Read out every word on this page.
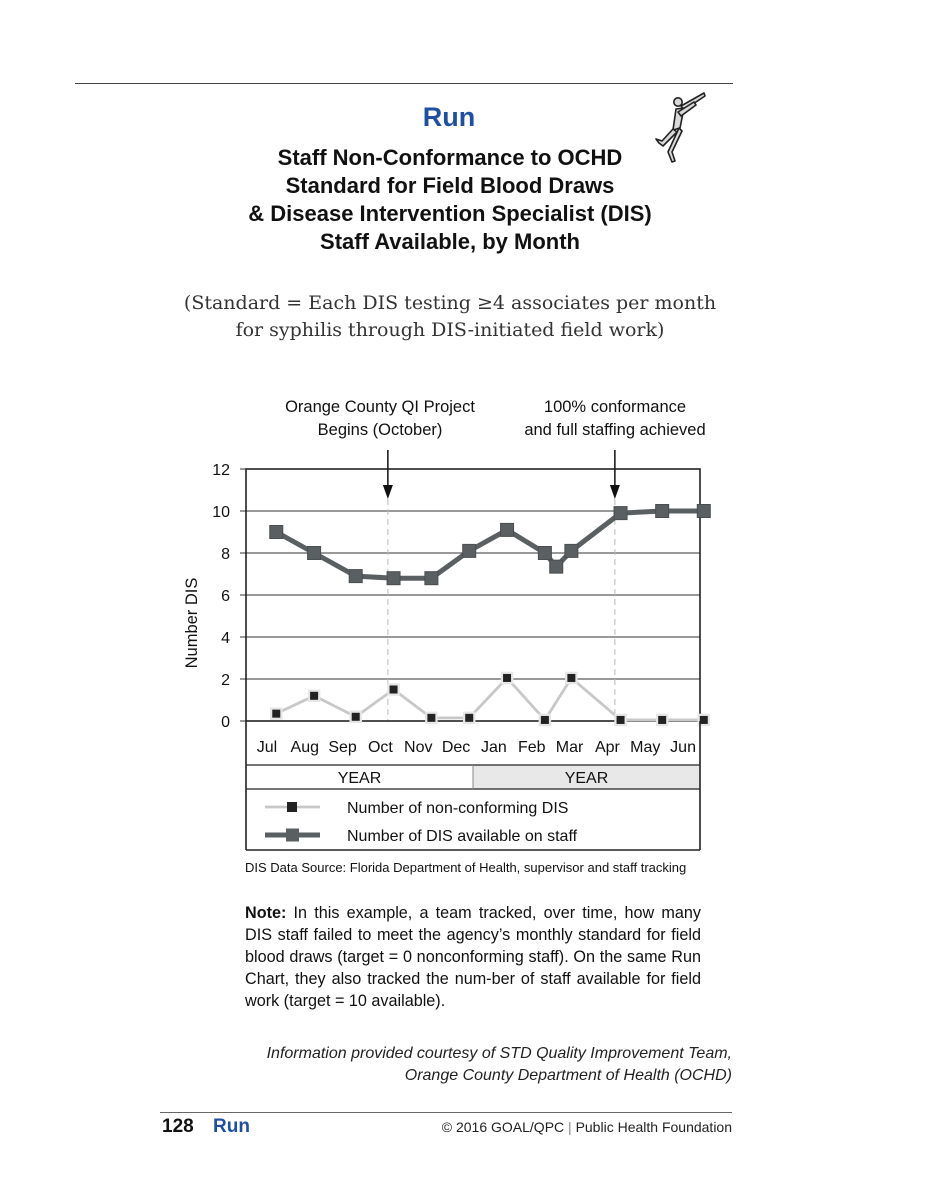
Run
Staff Non-Conformance to OCHD
Standard for Field Blood Draws
& Disease Intervention Specialist (DIS)
Staff Available, by Month
(Standard = Each DIS testing ≥4 associates per month
for syphilis through DIS-initiated field work)
Orange County QI Project
Begins (October)
100% conformance
and full staffing achieved
0
2
4
6
8
10
12
Number DIS
Jul Aug Sep Oct Nov Dec Jan Feb Mar Apr May Jun
YEAR	YEAR
Number of non-conforming DIS
Number of DIS available on staff
DIS Data Source: Florida Department of Health, supervisor and staff tracking
Note: In this example, a team tracked, over time, how many DIS staff failed to meet the agency’s monthly standard for field blood draws (target = 0 nonconforming staff). On the same Run Chart, they also tracked the num-ber of staff available for field work (target = 10 available).
Information provided courtesy of STD Quality Improvement Team,
Orange County Department of Health (OCHD)
128 Run	© 2016 GOAL/QPC | Public Health Foundation
